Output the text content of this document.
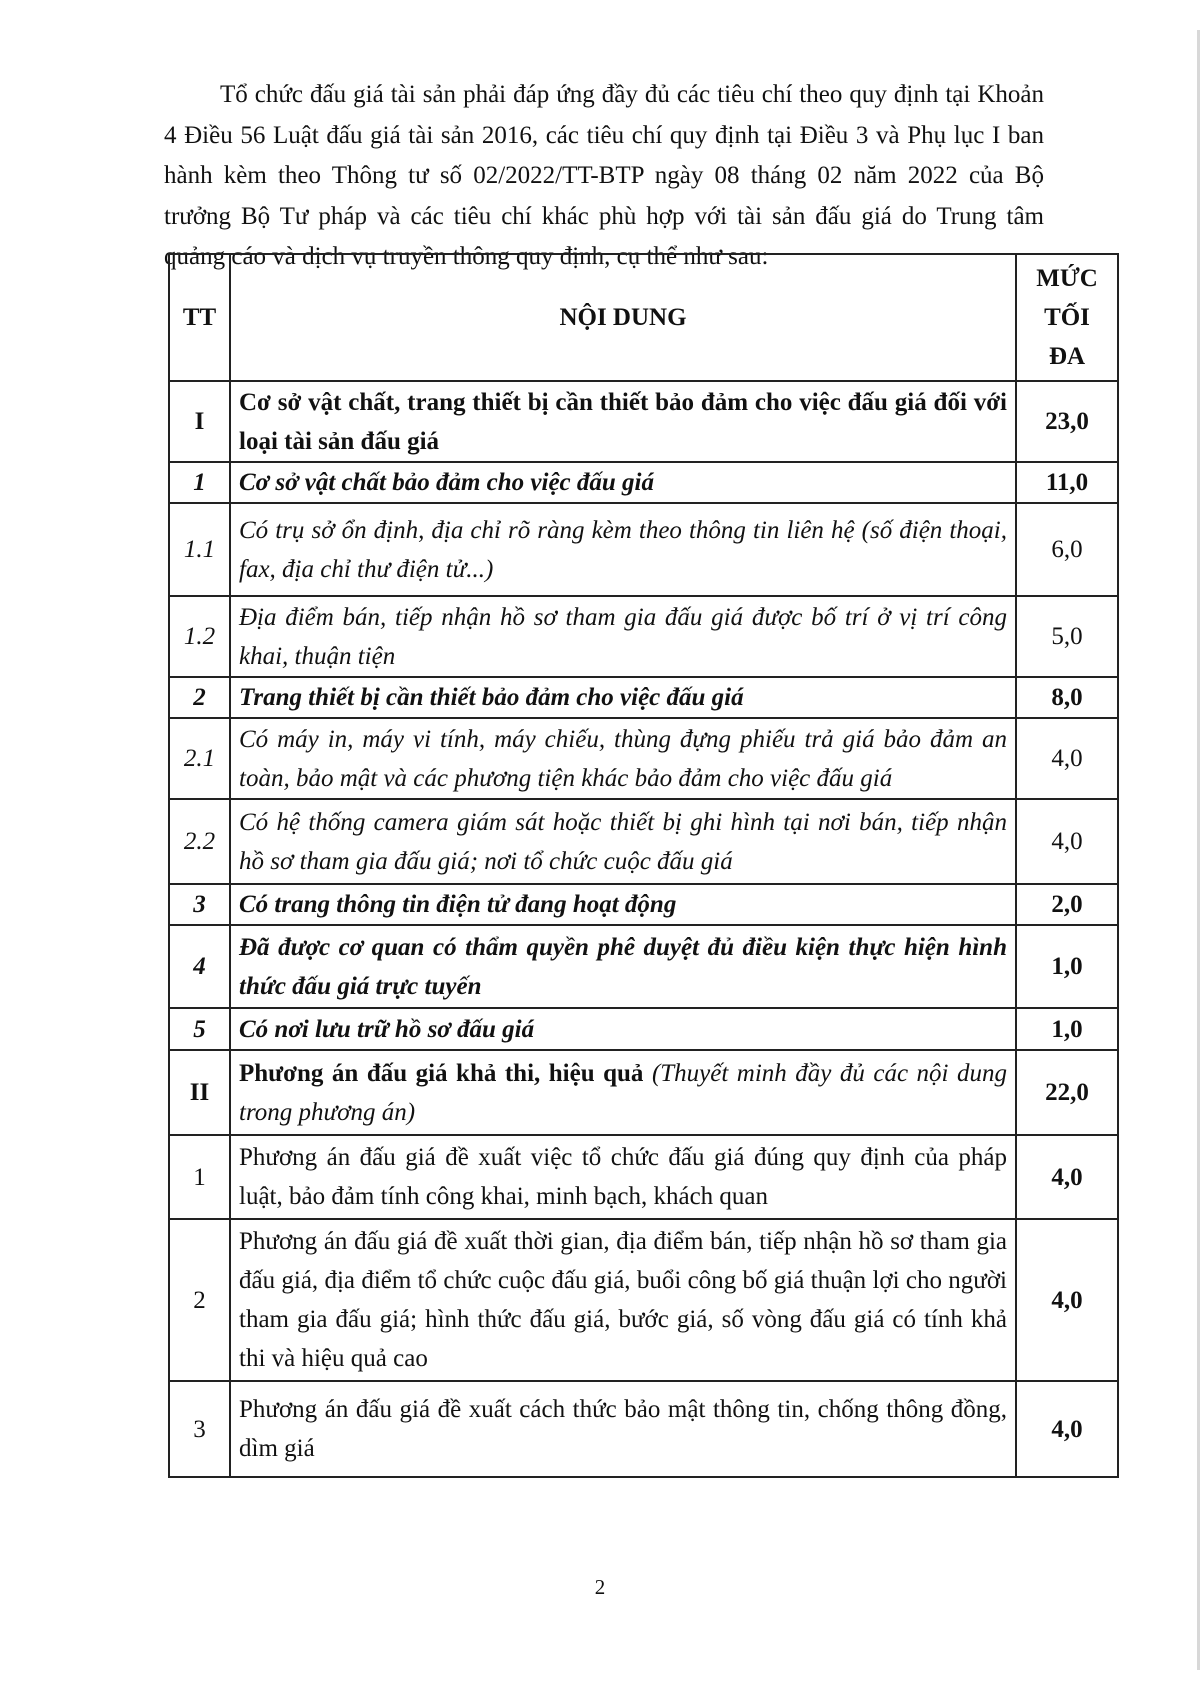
Tổ chức đấu giá tài sản phải đáp ứng đầy đủ các tiêu chí theo quy định tại Khoản 4 Điều 56 Luật đấu giá tài sản 2016, các tiêu chí quy định tại Điều 3 và Phụ lục I ban hành kèm theo Thông tư số 02/2022/TT-BTP ngày 08 tháng 02 năm 2022 của Bộ trưởng Bộ Tư pháp và các tiêu chí khác phù hợp với tài sản đấu giá do Trung tâm quảng cáo và dịch vụ truyền thông quy định, cụ thể như sau:

TT	NỘI DUNG	MỨC
TỐI
ĐA

I	Cơ sở vật chất, trang thiết bị cần thiết bảo đảm cho việc đấu giá đối với loại tài sản đấu giá	23,0
1	Cơ sở vật chất bảo đảm cho việc đấu giá	11,0
1.1	Có trụ sở ổn định, địa chỉ rõ ràng kèm theo thông tin liên hệ (số điện thoại, fax, địa chỉ thư điện tử...)	6,0
1.2	Địa điểm bán, tiếp nhận hồ sơ tham gia đấu giá được bố trí ở vị trí công khai, thuận tiện	5,0
2	Trang thiết bị cần thiết bảo đảm cho việc đấu giá	8,0
2.1	Có máy in, máy vi tính, máy chiếu, thùng đựng phiếu trả giá bảo đảm an toàn, bảo mật và các phương tiện khác bảo đảm cho việc đấu giá	4,0
2.2	Có hệ thống camera giám sát hoặc thiết bị ghi hình tại nơi bán, tiếp nhận hồ sơ tham gia đấu giá; nơi tổ chức cuộc đấu giá	4,0
3	Có trang thông tin điện tử đang hoạt động	2,0
4	Đã được cơ quan có thẩm quyền phê duyệt đủ điều kiện thực hiện hình thức đấu giá trực tuyến	1,0
5	Có nơi lưu trữ hồ sơ đấu giá	1,0
II	Phương án đấu giá khả thi, hiệu quả (Thuyết minh đầy đủ các nội dung trong phương án)	22,0
1	Phương án đấu giá đề xuất việc tổ chức đấu giá đúng quy định của pháp luật, bảo đảm tính công khai, minh bạch, khách quan	4,0
2	Phương án đấu giá đề xuất thời gian, địa điểm bán, tiếp nhận hồ sơ tham gia đấu giá, địa điểm tổ chức cuộc đấu giá, buổi công bố giá thuận lợi cho người tham gia đấu giá; hình thức đấu giá, bước giá, số vòng đấu giá có tính khả thi và hiệu quả cao	4,0
3	Phương án đấu giá đề xuất cách thức bảo mật thông tin, chống thông đồng, dìm giá	4,0
2
